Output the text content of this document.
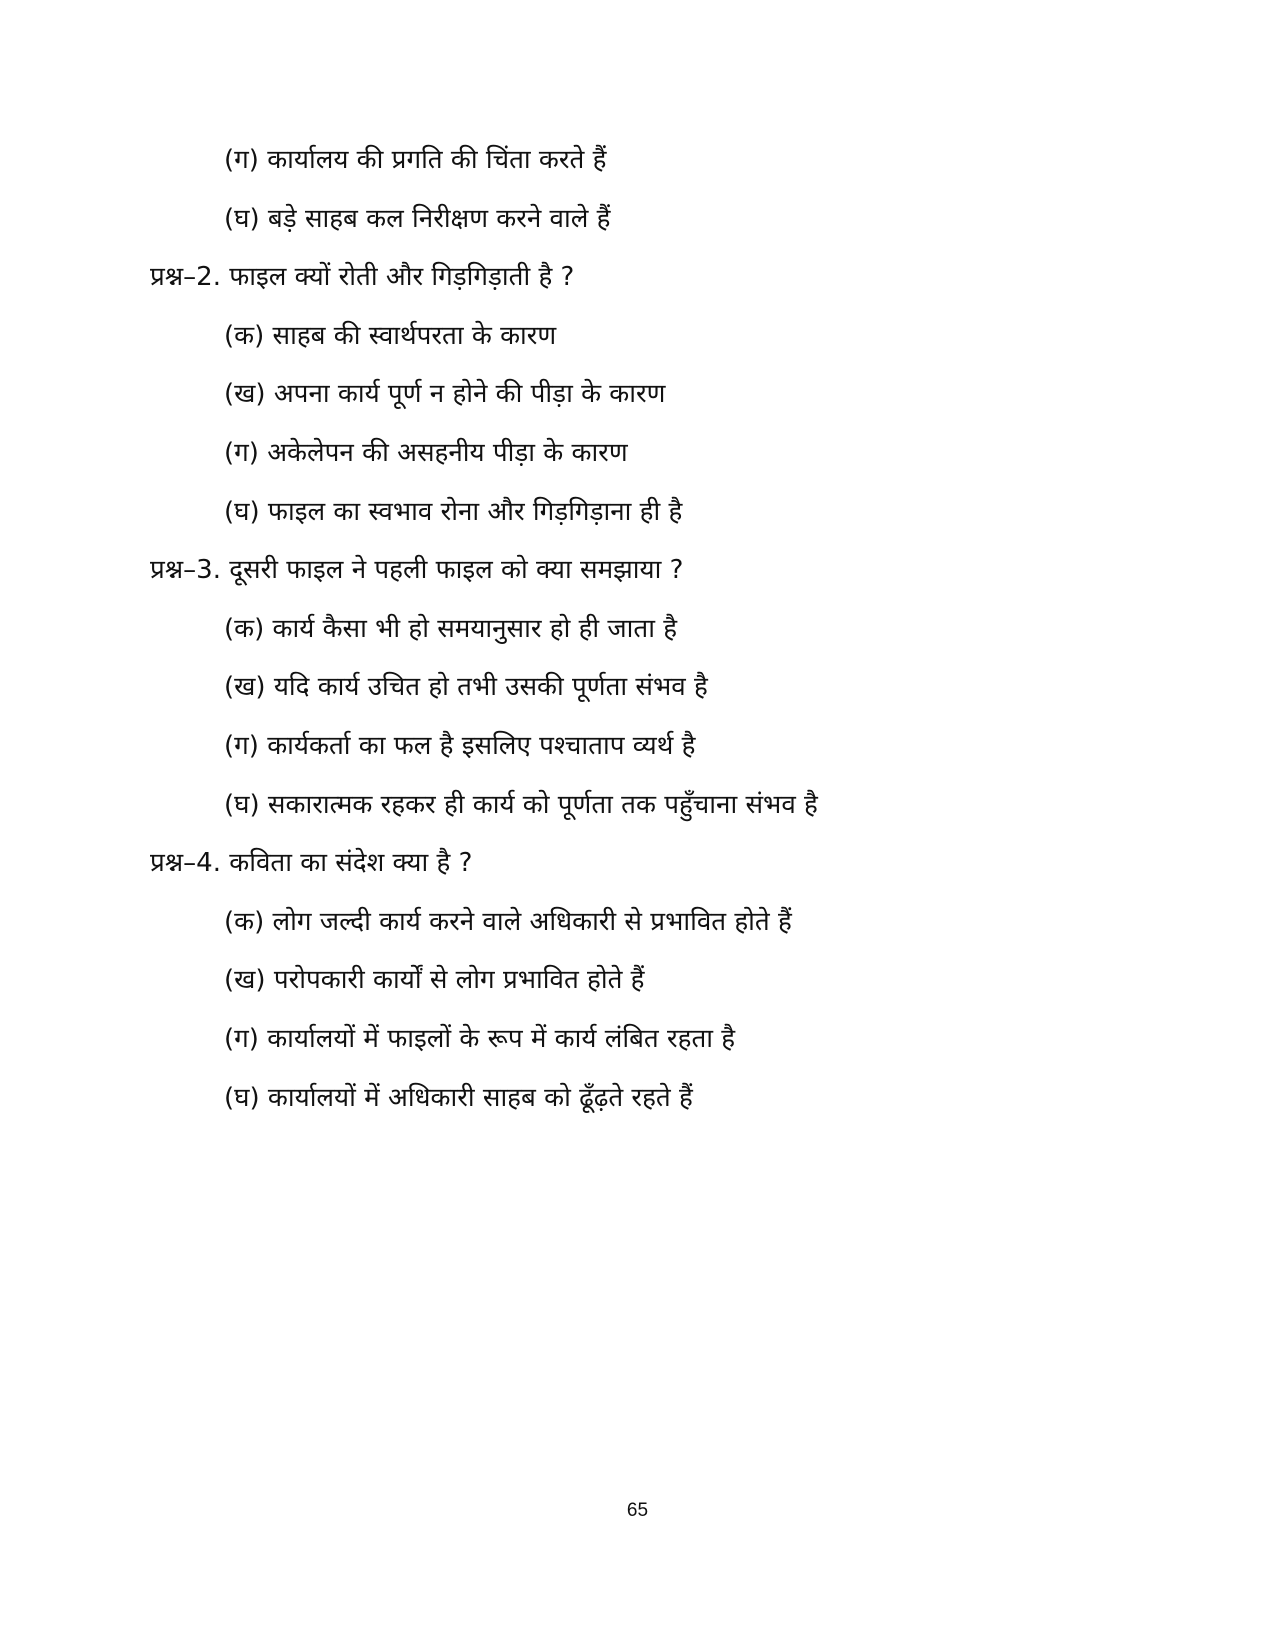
(ग) कार्यालय की प्रगति की चिंता करते हैं
(घ) बड़े साहब कल निरीक्षण करने वाले हैं
प्रश्न–2. फाइल क्यों रोती और गिड़गिड़ाती है ?
(क) साहब की स्वार्थपरता के कारण
(ख) अपना कार्य पूर्ण न होने की पीड़ा के कारण
(ग) अकेलेपन की असहनीय पीड़ा के कारण
(घ) फाइल का स्वभाव रोना और गिड़गिड़ाना ही है
प्रश्न–3. दूसरी फाइल ने पहली फाइल को क्या समझाया ?
(क) कार्य कैसा भी हो समयानुसार हो ही जाता है
(ख) यदि कार्य उचित हो तभी उसकी पूर्णता संभव है
(ग) कार्यकर्ता का फल है इसलिए पश्चाताप व्यर्थ है
(घ) सकारात्मक रहकर ही कार्य को पूर्णता तक पहुँचाना संभव है
प्रश्न–4. कविता का संदेश क्या है ?
(क) लोग जल्दी कार्य करने वाले अधिकारी से प्रभावित होते हैं
(ख) परोपकारी कार्यों से लोग प्रभावित होते हैं
(ग) कार्यालयों में फाइलों के रूप में कार्य लंबित रहता है
(घ) कार्यालयों में अधिकारी साहब को ढूँढ़ते रहते हैं
65
